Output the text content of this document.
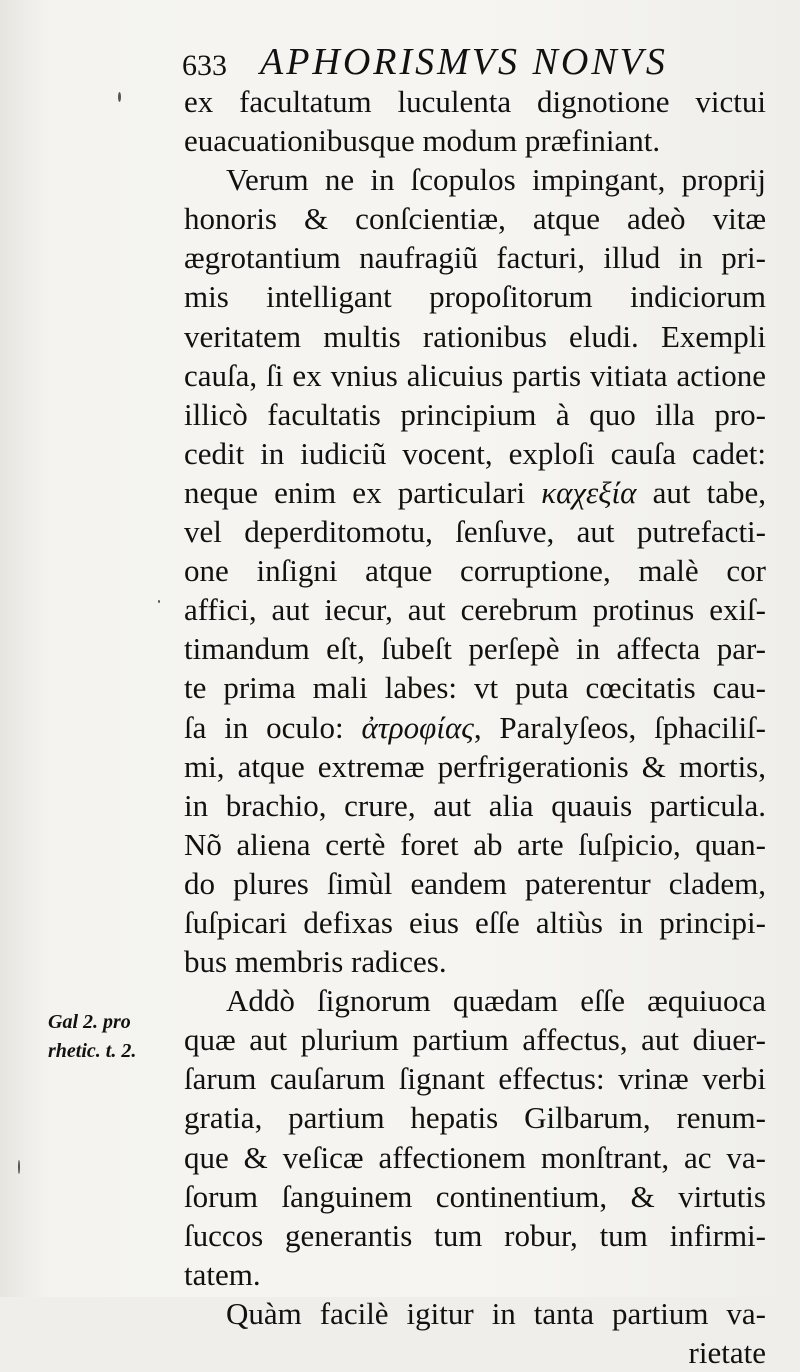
633 APHORISMVS NONVS
ex facultatum luculenta dignotione victui
euacuationibusque modum præfiniant.
Verum ne in ſcopulos impingant, proprij
honoris & conſcientiæ, atque adeò vitæ
ægrotantium naufragiũ facturi, illud in pri-
mis intelligant propoſitorum indiciorum
veritatem multis rationibus eludi. Exempli
cauſa, ſi ex vnius alicuius partis vitiata actione
illicò facultatis principium à quo illa pro-
cedit in iudiciũ vocent, exploſi cauſa cadet:
neque enim ex particulari καχεξία aut tabe,
vel deperditomotu, ſenſuve, aut putrefacti-
one inſigni atque corruptione, malè cor
affici, aut iecur, aut cerebrum protinus exiſ-
timandum eſt, ſubeſt perſepè in affecta par-
te prima mali labes: vt puta cœcitatis cau-
ſa in oculo: ἀτροφίας, Paralyſeos, ſphaciliſ-
mi, atque extremæ perfrigerationis & mortis,
in brachio, crure, aut alia quauis particula.
Nõ aliena certè foret ab arte ſuſpicio, quan-
do plures ſimùl eandem paterentur cladem,
ſuſpicari defixas eius eſſe altiùs in principi-
bus membris radices.
Addò ſignorum quædam eſſe æquiuoca
quæ aut plurium partium affectus, aut diuer-
ſarum cauſarum ſignant effectus: vrinæ verbi
gratia, partium hepatis Gilbarum, renum-
que & veſicæ affectionem monſtrant, ac va-
ſorum ſanguinem continentium, & virtutis
ſuccos generantis tum robur, tum infirmi-
tatem.
Quàm facilè igitur in tanta partium va-
rietate
Gal 2. pro
rhetic. t. 2.
